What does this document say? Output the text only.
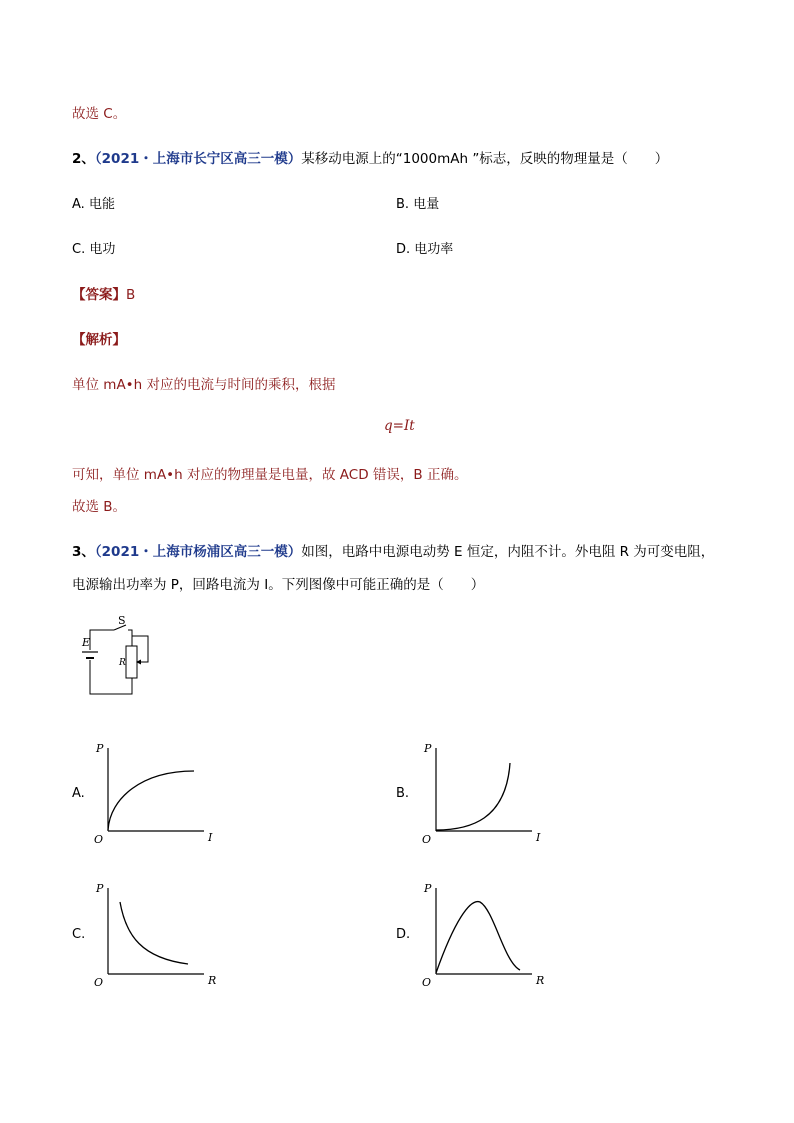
故选 C。
2、（2021・上海市长宁区高三一模）某移动电源上的“1000mAh ”标志，反映的物理量是（　　）
A. 电能	B. 电量
C. 电功	D. 电功率
【答案】B
【解析】
单位 mA•h 对应的电流与时间的乘积，根据
q=It
可知，单位 mA•h 对应的物理量是电量，故 ACD 错误，B 正确。
故选 B。
3、（2021・上海市杨浦区高三一模）如图，电路中电源电动势 E 恒定，内阻不计。外电阻 R 为可变电阻，
电源输出功率为 P，回路电流为 I。下列图像中可能正确的是（　　）
S
E
R
A.
P
I
O
B.
P
I
O
C.
P
R
O
D.
P
R
O
